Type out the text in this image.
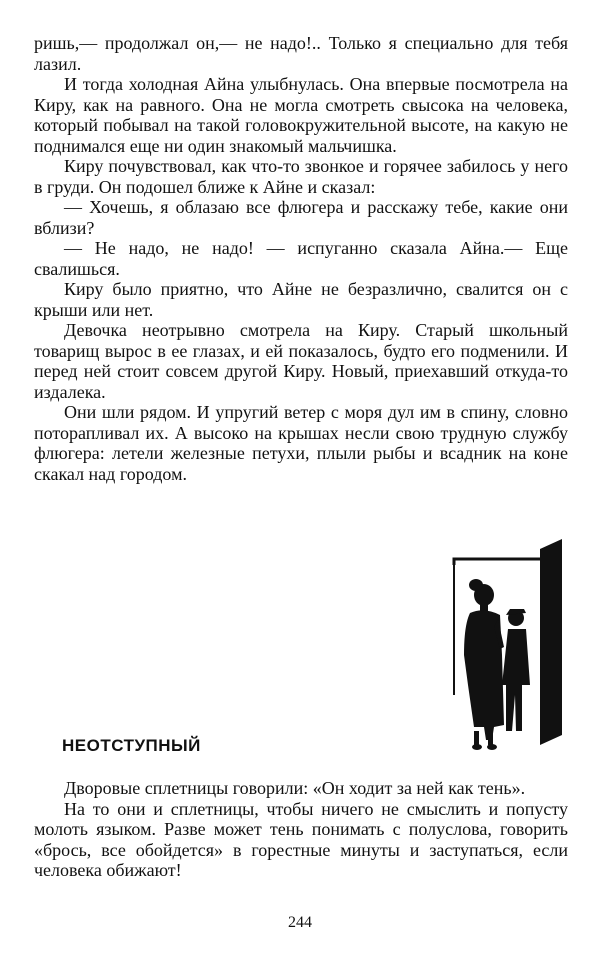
ришь,— продолжал он,— не надо!.. Только я специально для тебя лазил.

И тогда холодная Айна улыбнулась. Она впервые посмотрела на Киру, как на равного. Она не могла смотреть свысока на человека, который побывал на такой головокружительной высоте, на какую не поднимался еще ни один знакомый мальчишка.

Киру почувствовал, как что-то звонкое и горячее забилось у него в груди. Он подошел ближе к Айне и сказал:

— Хочешь, я облазаю все флюгера и расскажу тебе, какие они вблизи?

— Не надо, не надо! — испуганно сказала Айна.— Еще свалишься.

Киру было приятно, что Айне не безразлично, свалится он с крыши или нет.

Девочка неотрывно смотрела на Киру. Старый школьный товарищ вырос в ее глазах, и ей показалось, будто его подменили. И перед ней стоит совсем другой Киру. Новый, приехавший откуда-то издалека.

Они шли рядом. И упругий ветер с моря дул им в спину, словно поторапливал их. А высоко на крышах несли свою трудную службу флюгера: летели железные петухи, плыли рыбы и всадник на коне скакал над городом.

НЕОТСТУПНЫЙ

Дворовые сплетницы говорили: «Он ходит за ней как тень».

На то они и сплетницы, чтобы ничего не смыслить и попусту молоть языком. Разве может тень понимать с полуслова, говорить «брось, все обойдется» в горестные минуты и заступаться, если человека обижают!

244
